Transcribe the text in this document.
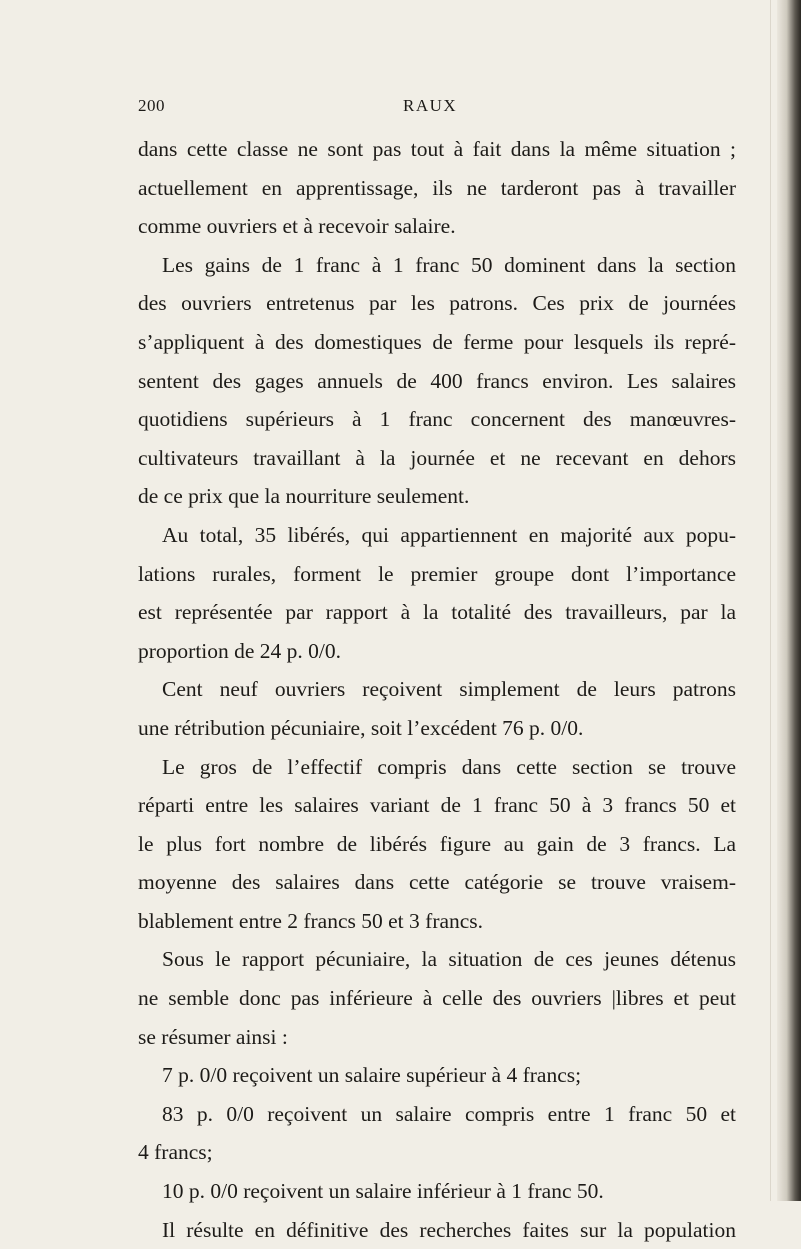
200	RAUX
dans cette classe ne sont pas tout à fait dans la même situation ;
actuellement en apprentissage, ils ne tarderont pas à travailler
comme ouvriers et à recevoir salaire.
Les gains de 1 franc à 1 franc 50 dominent dans la section
des ouvriers entretenus par les patrons. Ces prix de journées
s’appliquent à des domestiques de ferme pour lesquels ils repré-
sentent des gages annuels de 400 francs environ. Les salaires
quotidiens supérieurs à 1 franc concernent des manœuvres-
cultivateurs travaillant à la journée et ne recevant en dehors
de ce prix que la nourriture seulement.
Au total, 35 libérés, qui appartiennent en majorité aux popu-
lations rurales, forment le premier groupe dont l’importance
est représentée par rapport à la totalité des travailleurs, par la
proportion de 24 p. 0/0.
Cent neuf ouvriers reçoivent simplement de leurs patrons
une rétribution pécuniaire, soit l’excédent 76 p. 0/0.
Le gros de l’effectif compris dans cette section se trouve
réparti entre les salaires variant de 1 franc 50 à 3 francs 50 et
le plus fort nombre de libérés figure au gain de 3 francs. La
moyenne des salaires dans cette catégorie se trouve vraisem-
blablement entre 2 francs 50 et 3 francs.
Sous le rapport pécuniaire, la situation de ces jeunes détenus
ne semble donc pas inférieure à celle des ouvriers |libres et peut
se résumer ainsi :
7 p. 0/0 reçoivent un salaire supérieur à 4 francs;
83 p. 0/0 reçoivent un salaire compris entre 1 franc 50 et
4 francs;
10 p. 0/0 reçoivent un salaire inférieur à 1 franc 50.
Il résulte en définitive des recherches faites sur la population
